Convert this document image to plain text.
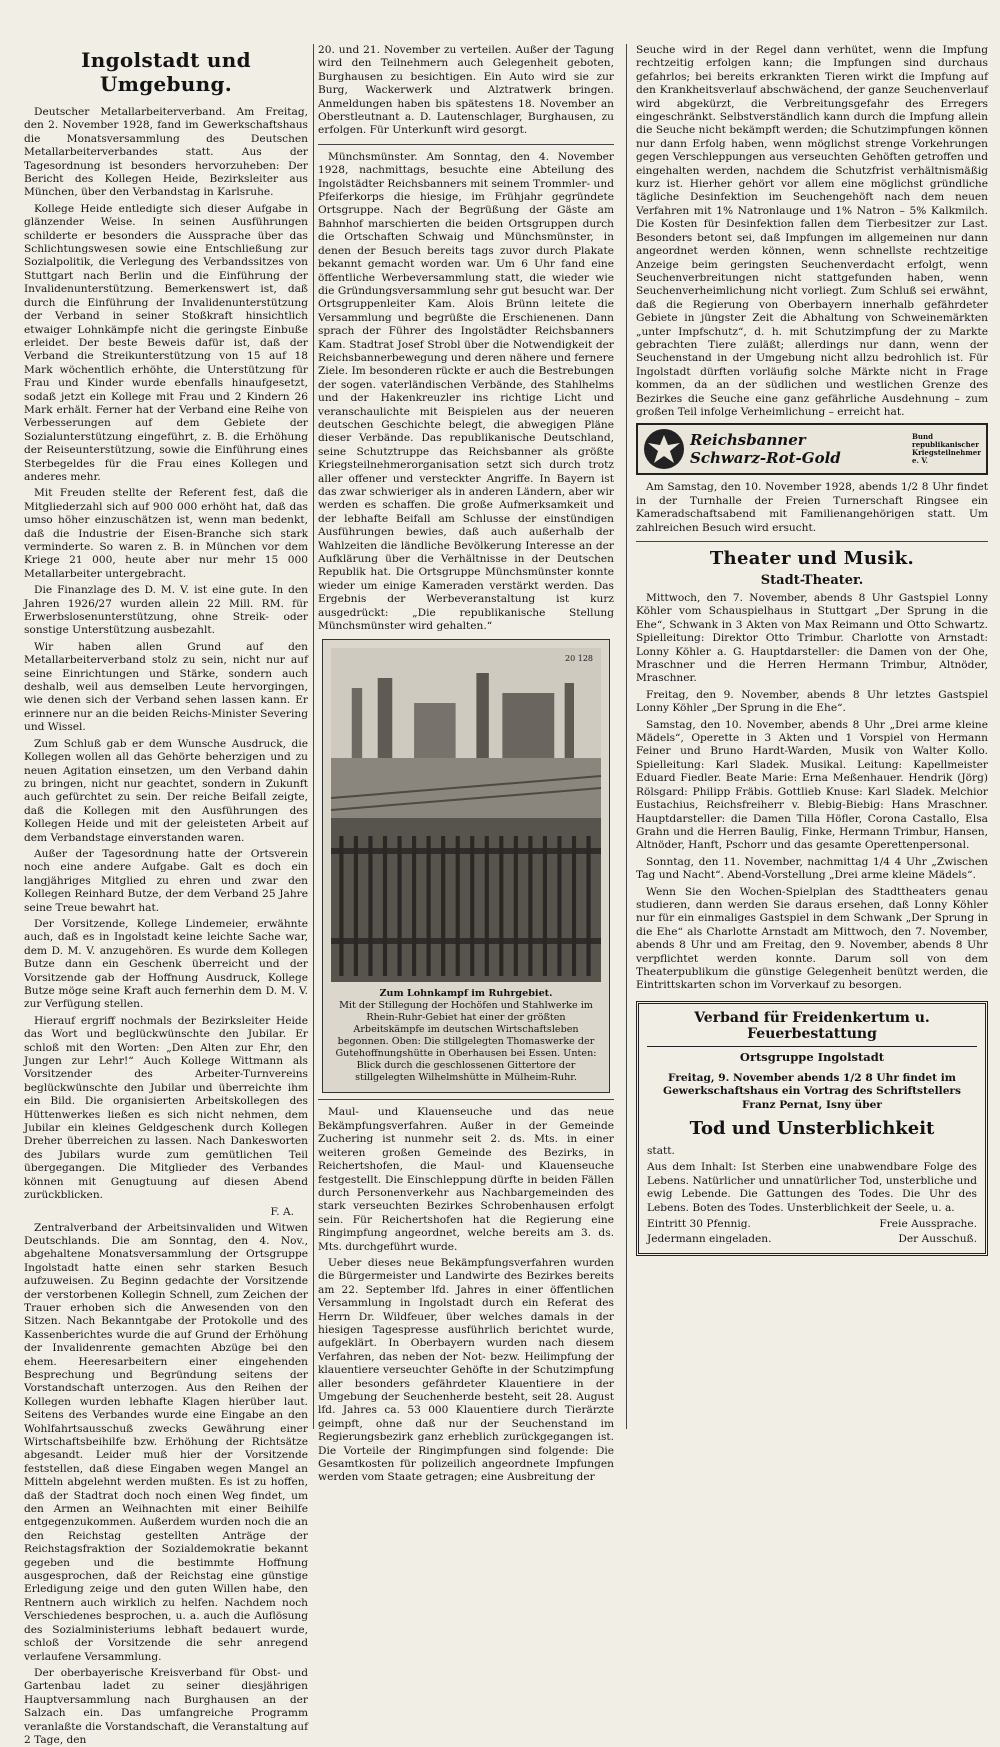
Ingolstadt und Umgebung.

Deutscher Metallarbeiterverband. Am Freitag, den 2. November 1928, fand im Gewerkschaftshaus die Monatsversammlung des Deutschen Metallarbeiterverbandes statt. Aus der Tagesordnung ist besonders hervorzuheben: Der Bericht des Kollegen Heide, Bezirksleiter aus München, über den Verbandstag in Karlsruhe.

Kollege Heide entledigte sich dieser Aufgabe in glänzender Weise. In seinen Ausführungen schilderte er besonders die Aussprache über das Schlichtungswesen sowie eine Entschließung zur Sozialpolitik, die Verlegung des Verbandssitzes von Stuttgart nach Berlin und die Einführung der Invalidenunterstützung. Bemerkenswert ist, daß durch die Einführung der Invalidenunterstützung der Verband in seiner Stoßkraft hinsichtlich etwaiger Lohnkämpfe nicht die geringste Einbuße erleidet. Der beste Beweis dafür ist, daß der Verband die Streikunterstützung von 15 auf 18 Mark wöchentlich erhöhte, die Unterstützung für Frau und Kinder wurde ebenfalls hinaufgesetzt, sodaß jetzt ein Kollege mit Frau und 2 Kindern 26 Mark erhält. Ferner hat der Verband eine Reihe von Verbesserungen auf dem Gebiete der Sozialunterstützung eingeführt, z. B. die Erhöhung der Reiseunterstützung, sowie die Einführung eines Sterbegeldes für die Frau eines Kollegen und anderes mehr.

Mit Freuden stellte der Referent fest, daß die Mitgliederzahl sich auf 900 000 erhöht hat, daß das umso höher einzuschätzen ist, wenn man bedenkt, daß die Industrie der Eisen-Branche sich stark verminderte. So waren z. B. in München vor dem Kriege 21 000, heute aber nur mehr 15 000 Metallarbeiter untergebracht.

Die Finanzlage des D. M. V. ist eine gute. In den Jahren 1926/27 wurden allein 22 Mill. RM. für Erwerbslosenunterstützung, ohne Streik- oder sonstige Unterstützung ausbezahlt.

Wir haben allen Grund auf den Metallarbeiterverband stolz zu sein, nicht nur auf seine Einrichtungen und Stärke, sondern auch deshalb, weil aus demselben Leute hervorgingen, wie denen sich der Verband sehen lassen kann. Er erinnere nur an die beiden Reichs-Minister Severing und Wissel.

Zum Schluß gab er dem Wunsche Ausdruck, die Kollegen wollen all das Gehörte beherzigen und zu neuen Agitation einsetzen, um den Verband dahin zu bringen, nicht nur geachtet, sondern in Zukunft auch gefürchtet zu sein. Der reiche Beifall zeigte, daß die Kollegen mit den Ausführungen des Kollegen Heide und mit der geleisteten Arbeit auf dem Verbandstage einverstanden waren.

Außer der Tagesordnung hatte der Ortsverein noch eine andere Aufgabe. Galt es doch ein langjähriges Mitglied zu ehren und zwar den Kollegen Reinhard Butze, der dem Verband 25 Jahre seine Treue bewahrt hat.

Der Vorsitzende, Kollege Lindemeier, erwähnte auch, daß es in Ingolstadt keine leichte Sache war, dem D. M. V. anzugehören. Es wurde dem Kollegen Butze dann ein Geschenk überreicht und der Vorsitzende gab der Hoffnung Ausdruck, Kollege Butze möge seine Kraft auch fernerhin dem D. M. V. zur Verfügung stellen.

Hierauf ergriff nochmals der Bezirksleiter Heide das Wort und beglückwünschte den Jubilar. Er schloß mit den Worten: „Den Alten zur Ehr, den Jungen zur Lehr!“ Auch Kollege Wittmann als Vorsitzender des Arbeiter-Turnvereins beglückwünschte den Jubilar und überreichte ihm ein Bild. Die organisierten Arbeitskollegen des Hüttenwerkes ließen es sich nicht nehmen, dem Jubilar ein kleines Geldgeschenk durch Kollegen Dreher überreichen zu lassen. Nach Dankesworten des Jubilars wurde zum gemütlichen Teil übergegangen. Die Mitglieder des Verbandes können mit Genugtuung auf diesen Abend zurückblicken.

F. A.

Zentralverband der Arbeitsinvaliden und Witwen Deutschlands. Die am Sonntag, den 4. Nov., abgehaltene Monatsversammlung der Ortsgruppe Ingolstadt hatte einen sehr starken Besuch aufzuweisen. Zu Beginn gedachte der Vorsitzende der verstorbenen Kollegin Schnell, zum Zeichen der Trauer erhoben sich die Anwesenden von den Sitzen. Nach Bekanntgabe der Protokolle und des Kassenberichtes wurde die auf Grund der Erhöhung der Invalidenrente gemachten Abzüge bei den ehem. Heeresarbeitern einer eingehenden Besprechung und Begründung seitens der Vorstandschaft unterzogen. Aus den Reihen der Kollegen wurden lebhafte Klagen hierüber laut. Seitens des Verbandes wurde eine Eingabe an den Wohlfahrtsausschuß zwecks Gewährung einer Wirtschaftsbeihilfe bzw. Erhöhung der Richtsätze abgesandt. Leider muß hier der Vorsitzende feststellen, daß diese Eingaben wegen Mangel an Mitteln abgelehnt werden mußten. Es ist zu hoffen, daß der Stadtrat doch noch einen Weg findet, um den Armen an Weihnachten mit einer Beihilfe entgegenzukommen. Außerdem wurden noch die an den Reichstag gestellten Anträge der Reichstagsfraktion der Sozialdemokratie bekannt gegeben und die bestimmte Hoffnung ausgesprochen, daß der Reichstag eine günstige Erledigung zeige und den guten Willen habe, den Rentnern auch wirklich zu helfen. Nachdem noch Verschiedenes besprochen, u. a. auch die Auflösung des Sozialministeriums lebhaft bedauert wurde, schloß der Vorsitzende die sehr anregend verlaufene Versammlung.

Der oberbayerische Kreisverband für Obst- und Gartenbau ladet zu seiner diesjährigen Hauptversammlung nach Burghausen an der Salzach ein. Das umfangreiche Programm veranlaßte die Vorstandschaft, die Veranstaltung auf 2 Tage, den

20. und 21. November zu verteilen. Außer der Tagung wird den Teilnehmern auch Gelegenheit geboten, Burghausen zu besichtigen. Ein Auto wird sie zur Burg, Wackerwerk und Alztratwerk bringen. Anmeldungen haben bis spätestens 18. November an Oberstleutnant a. D. Lautenschlager, Burghausen, zu erfolgen. Für Unterkunft wird gesorgt.

Münchsmünster. Am Sonntag, den 4. November 1928, nachmittags, besuchte eine Abteilung des Ingolstädter Reichsbanners mit seinem Trommler- und Pfeiferkorps die hiesige, im Frühjahr gegründete Ortsgruppe. Nach der Begrüßung der Gäste am Bahnhof marschierten die beiden Ortsgruppen durch die Ortschaften Schwaig und Münchsmünster, in denen der Besuch bereits tags zuvor durch Plakate bekannt gemacht worden war. Um 6 Uhr fand eine öffentliche Werbeversammlung statt, die wieder wie die Gründungsversammlung sehr gut besucht war. Der Ortsgruppenleiter Kam. Alois Brünn leitete die Versammlung und begrüßte die Erschienenen. Dann sprach der Führer des Ingolstädter Reichsbanners Kam. Stadtrat Josef Strobl über die Notwendigkeit der Reichsbannerbewegung und deren nähere und fernere Ziele. Im besonderen rückte er auch die Bestrebungen der sogen. vaterländischen Verbände, des Stahlhelms und der Hakenkreuzler ins richtige Licht und veranschaulichte mit Beispielen aus der neueren deutschen Geschichte belegt, die abwegigen Pläne dieser Verbände. Das republikanische Deutschland, seine Schutztruppe das Reichsbanner als größte Kriegsteilnehmerorganisation setzt sich durch trotz aller offener und versteckter Angriffe. In Bayern ist das zwar schwieriger als in anderen Ländern, aber wir werden es schaffen. Die große Aufmerksamkeit und der lebhafte Beifall am Schlusse der einstündigen Ausführungen bewies, daß auch außerhalb der Wahlzeiten die ländliche Bevölkerung Interesse an der Aufklärung über die Verhältnisse in der Deutschen Republik hat. Die Ortsgruppe Münchsmünster konnte wieder um einige Kameraden verstärkt werden. Das Ergebnis der Werbeveranstaltung ist kurz ausgedrückt: „Die republikanische Stellung Münchsmünster wird gehalten.“

20 128
Zum Lohnkampf im Ruhrgebiet.
Mit der Stillegung der Hochöfen und Stahlwerke im Rhein-Ruhr-Gebiet hat einer der größten Arbeitskämpfe im deutschen Wirtschaftsleben begonnen. Oben: Die stillgelegten Thomaswerke der Gutehoffnungshütte in Oberhausen bei Essen. Unten: Blick durch die geschlossenen Gittertore der stillgelegten Wilhelmshütte in Mülheim-Ruhr.

Maul- und Klauenseuche und das neue Bekämpfungsverfahren. Außer in der Gemeinde Zuchering ist nunmehr seit 2. ds. Mts. in einer weiteren großen Gemeinde des Bezirks, in Reichertshofen, die Maul- und Klauenseuche festgestellt. Die Einschleppung dürfte in beiden Fällen durch Personenverkehr aus Nachbargemeinden des stark verseuchten Bezirkes Schrobenhausen erfolgt sein. Für Reichertshofen hat die Regierung eine Ringimpfung angeordnet, welche bereits am 3. ds. Mts. durchgeführt wurde.

Ueber dieses neue Bekämpfungsverfahren wurden die Bürgermeister und Landwirte des Bezirkes bereits am 22. September lfd. Jahres in einer öffentlichen Versammlung in Ingolstadt durch ein Referat des Herrn Dr. Wildfeuer, über welches damals in der hiesigen Tagespresse ausführlich berichtet wurde, aufgeklärt. In Oberbayern wurden nach diesem Verfahren, das neben der Not- bezw. Heilimpfung der klauentiere verseuchter Gehöfte in der Schutzimpfung aller besonders gefährdeter Klauentiere in der Umgebung der Seuchenherde besteht, seit 28. August lfd. Jahres ca. 53 000 Klauentiere durch Tierärzte geimpft, ohne daß nur der Seuchenstand im Regierungsbezirk ganz erheblich zurückgegangen ist. Die Vorteile der Ringimpfungen sind folgende: Die Gesamtkosten für polizeilich angeordnete Impfungen werden vom Staate getragen; eine Ausbreitung der

Seuche wird in der Regel dann verhütet, wenn die Impfung rechtzeitig erfolgen kann; die Impfungen sind durchaus gefahrlos; bei bereits erkrankten Tieren wirkt die Impfung auf den Krankheitsverlauf abschwächend, der ganze Seuchenverlauf wird abgekürzt, die Verbreitungsgefahr des Erregers eingeschränkt. Selbstverständlich kann durch die Impfung allein die Seuche nicht bekämpft werden; die Schutzimpfungen können nur dann Erfolg haben, wenn möglichst strenge Vorkehrungen gegen Verschleppungen aus verseuchten Gehöften getroffen und eingehalten werden, nachdem die Schutzfrist verhältnismäßig kurz ist. Hierher gehört vor allem eine möglichst gründliche tägliche Desinfektion im Seuchengehöft nach dem neuen Verfahren mit 1% Natronlauge und 1% Natron – 5% Kalkmilch. Die Kosten für Desinfektion fallen dem Tierbesitzer zur Last. Besonders betont sei, daß Impfungen im allgemeinen nur dann angeordnet werden können, wenn schnellste rechtzeitige Anzeige beim geringsten Seuchenverdacht erfolgt, wenn Seuchenverbreitungen nicht stattgefunden haben, wenn Seuchenverheimlichung nicht vorliegt. Zum Schluß sei erwähnt, daß die Regierung von Oberbayern innerhalb gefährdeter Gebiete in jüngster Zeit die Abhaltung von Schweinemärkten „unter Impfschutz“, d. h. mit Schutzimpfung der zu Markte gebrachten Tiere zuläßt; allerdings nur dann, wenn der Seuchenstand in der Umgebung nicht allzu bedrohlich ist. Für Ingolstadt dürften vorläufig solche Märkte nicht in Frage kommen, da an der südlichen und westlichen Grenze des Bezirkes die Seuche eine ganz gefährliche Ausdehnung – zum großen Teil infolge Verheimlichung – erreicht hat.

Reichsbanner
Schwarz-Rot-Gold
Bund republikanischer Kriegsteilnehmer e. V.

Am Samstag, den 10. November 1928, abends 1/2 8 Uhr findet in der Turnhalle der Freien Turnerschaft Ringsee ein Kameradschaftsabend mit Familienangehörigen statt. Um zahlreichen Besuch wird ersucht.

Theater und Musik.
Stadt-Theater.

Mittwoch, den 7. November, abends 8 Uhr Gastspiel Lonny Köhler vom Schauspielhaus in Stuttgart „Der Sprung in die Ehe“, Schwank in 3 Akten von Max Reimann und Otto Schwartz. Spielleitung: Direktor Otto Trimbur. Charlotte von Arnstadt: Lonny Köhler a. G. Hauptdarsteller: die Damen von der Ohe, Mraschner und die Herren Hermann Trimbur, Altnöder, Mraschner.

Freitag, den 9. November, abends 8 Uhr letztes Gastspiel Lonny Köhler „Der Sprung in die Ehe“.

Samstag, den 10. November, abends 8 Uhr „Drei arme kleine Mädels“, Operette in 3 Akten und 1 Vorspiel von Hermann Feiner und Bruno Hardt-Warden, Musik von Walter Kollo. Spielleitung: Karl Sladek. Musikal. Leitung: Kapellmeister Eduard Fiedler. Beate Marie: Erna Meßenhauer. Hendrik (Jörg) Rölsgard: Philipp Fräbis. Gottlieb Knuse: Karl Sladek. Melchior Eustachius, Reichsfreiherr v. Blebig-Biebig: Hans Mraschner. Hauptdarsteller: die Damen Tilla Höfler, Corona Castallo, Elsa Grahn und die Herren Baulig, Finke, Hermann Trimbur, Hansen, Altnöder, Hanft, Pschorr und das gesamte Operettenpersonal.

Sonntag, den 11. November, nachmittag 1/4 4 Uhr „Zwischen Tag und Nacht“. Abend-Vorstellung „Drei arme kleine Mädels“.

Wenn Sie den Wochen-Spielplan des Stadttheaters genau studieren, dann werden Sie daraus ersehen, daß Lonny Köhler nur für ein einmaliges Gastspiel in dem Schwank „Der Sprung in die Ehe“ als Charlotte Arnstadt am Mittwoch, den 7. November, abends 8 Uhr und am Freitag, den 9. November, abends 8 Uhr verpflichtet werden konnte. Darum soll von dem Theaterpublikum die günstige Gelegenheit benützt werden, die Eintrittskarten schon im Vorverkauf zu besorgen.

Verband für Freidenkertum u. Feuerbestattung
Ortsgruppe Ingolstadt

Freitag, 9. November abends 1/2 8 Uhr findet im Gewerkschaftshaus ein Vortrag des Schriftstellers Franz Pernat, Isny über

Tod und Unsterblichkeit

statt.

Aus dem Inhalt: Ist Sterben eine unabwendbare Folge des Lebens. Natürlicher und unnatürlicher Tod, unsterbliche und ewig Lebende. Die Gattungen des Todes. Die Uhr des Lebens. Boten des Todes. Unsterblichkeit der Seele, u. a.

Eintritt 30 Pfennig.	Freie Aussprache.
Jedermann eingeladen.	Der Ausschuß.
